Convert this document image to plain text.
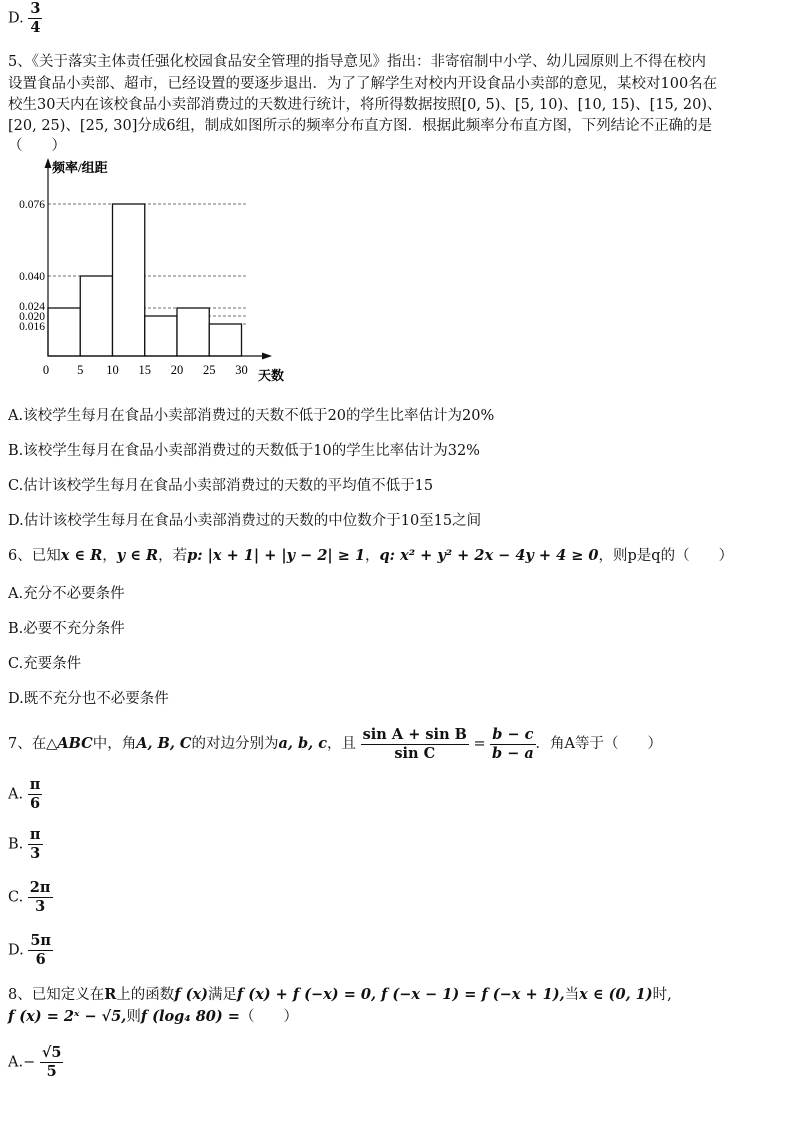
D. $\frac{3}{4}$
5、《关于落实主体责任强化校园食品安全管理的指导意见》指出：非寄宿制中小学、幼儿园原则上不得在校内
设置食品小卖部、超市，已经设置的要逐步退出．为了了解学生对校内开设食品小卖部的意见，某校对100名在
校生30天内在该校食品小卖部消费过的天数进行统计，将所得数据按照[0, 5)、[5, 10)、[10, 15)、[15, 20)、
[20, 25)、[25, 30]分成6组，制成如图所示的频率分布直方图．根据此频率分布直方图，下列结论不正确的是
（　　）
0.076
0.040
0.024
0.020
0.016
0 5 10 15 20 25 30
频率/组距
天数
A.该校学生每月在食品小卖部消费过的天数不低于20的学生比率估计为20%
B.该校学生每月在食品小卖部消费过的天数低于10的学生比率估计为32%
C.估计该校学生每月在食品小卖部消费过的天数的平均值不低于15
D.估计该校学生每月在食品小卖部消费过的天数的中位数介于10至15之间
6、已知x ∈ R，y ∈ R，若p: |x + 1| + |y − 2| ≥ 1，q: x² + y² + 2x − 4y + 4 ≥ 0，则p是q的（　　）
A.充分不必要条件
B.必要不充分条件
C.充要条件
D.既不充分也不必要条件
7、在△ABC中，角A, B, C的对边分别为a, b, c，且 $\frac{\text{sin A + sin B}}{\text{sin C}} = \frac{b - c}{b - a}$ ．角A等于（　　）
A. $\frac{\pi}{6}$
B. $\frac{\pi}{3}$
C. $\frac{2\pi}{3}$
D. $\frac{5\pi}{6}$
8、已知定义在R上的函数f (x)满足f (x) + f (−x) = 0, f (−x − 1) = f (−x + 1),当x ∈ (0, 1)时,
f (x) = 2ˣ − √5,则f (log₄ 80) =（　　）
$A.- \frac{√5}{5}$
